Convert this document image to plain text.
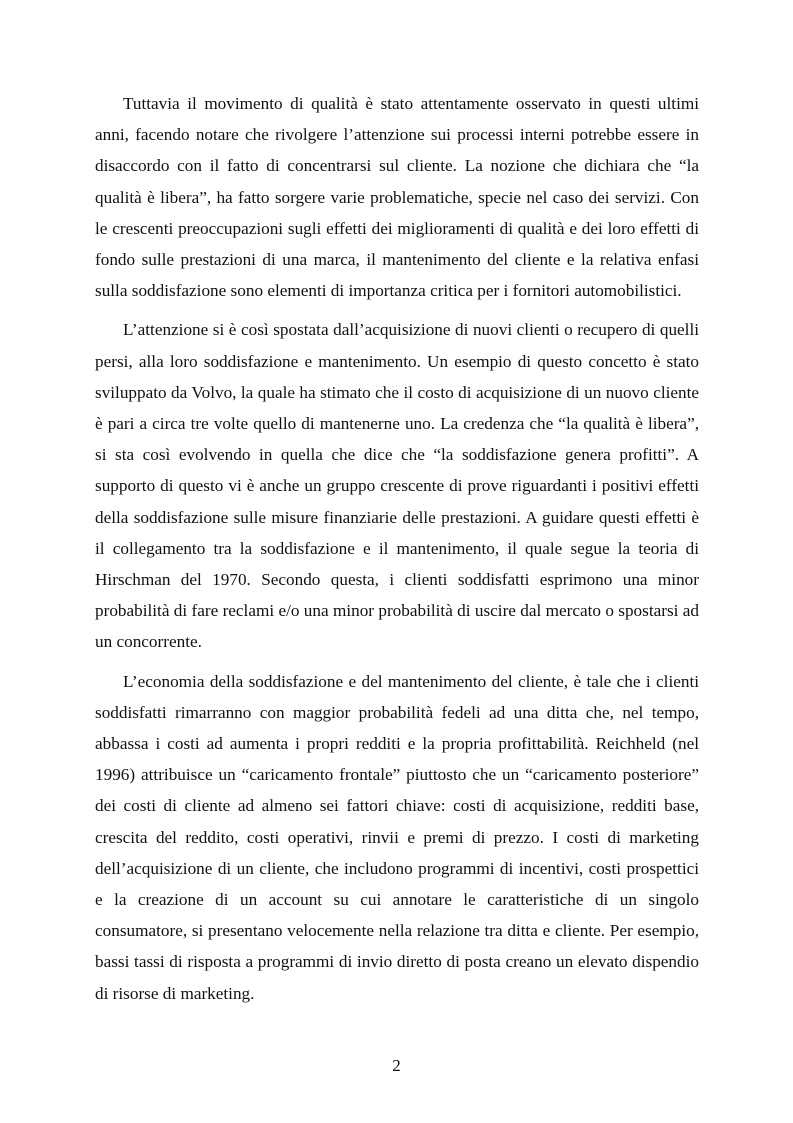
Tuttavia il movimento di qualità è stato attentamente osservato in questi ultimi anni, facendo notare che rivolgere l’attenzione sui processi interni potrebbe essere in disaccordo con il fatto di concentrarsi sul cliente. La nozione che dichiara che “la qualità è libera”, ha fatto sorgere varie problematiche, specie nel caso dei servizi. Con le crescenti preoccupazioni sugli effetti dei miglioramenti di qualità e dei loro effetti di fondo sulle prestazioni di una marca, il mantenimento del cliente e la relativa enfasi sulla soddisfazione sono elementi di importanza critica per i fornitori automobilistici.

L’attenzione si è così spostata dall’acquisizione di nuovi clienti o recupero di quelli persi, alla loro soddisfazione e mantenimento. Un esempio di questo concetto è stato sviluppato da Volvo, la quale ha stimato che il costo di acquisizione di un nuovo cliente è pari a circa tre volte quello di mantenerne uno. La credenza che “la qualità è libera”, si sta così evolvendo in quella che dice che “la soddisfazione genera profitti”. A supporto di questo vi è anche un gruppo crescente di prove riguardanti i positivi effetti della soddisfazione sulle misure finanziarie delle prestazioni. A guidare questi effetti è il collegamento tra la soddisfazione e il mantenimento, il quale segue la teoria di Hirschman del 1970. Secondo questa, i clienti soddisfatti esprimono una minor probabilità di fare reclami e/o una minor probabilità di uscire dal mercato o spostarsi ad un concorrente.

L’economia della soddisfazione e del mantenimento del cliente, è tale che i clienti soddisfatti rimarranno con maggior probabilità fedeli ad una ditta che, nel tempo, abbassa i costi ad aumenta i propri redditi e la propria profittabilità. Reichheld (nel 1996) attribuisce un “caricamento frontale” piuttosto che un “caricamento posteriore” dei costi di cliente ad almeno sei fattori chiave: costi di acquisizione, redditi base, crescita del reddito, costi operativi, rinvii e premi di prezzo. I costi di marketing dell’acquisizione di un cliente, che includono programmi di incentivi, costi prospettici e la creazione di un account su cui annotare le caratteristiche di un singolo consumatore, si presentano velocemente nella relazione tra ditta e cliente. Per esempio, bassi tassi di risposta a programmi di invio diretto di posta creano un elevato dispendio di risorse di marketing.

2
